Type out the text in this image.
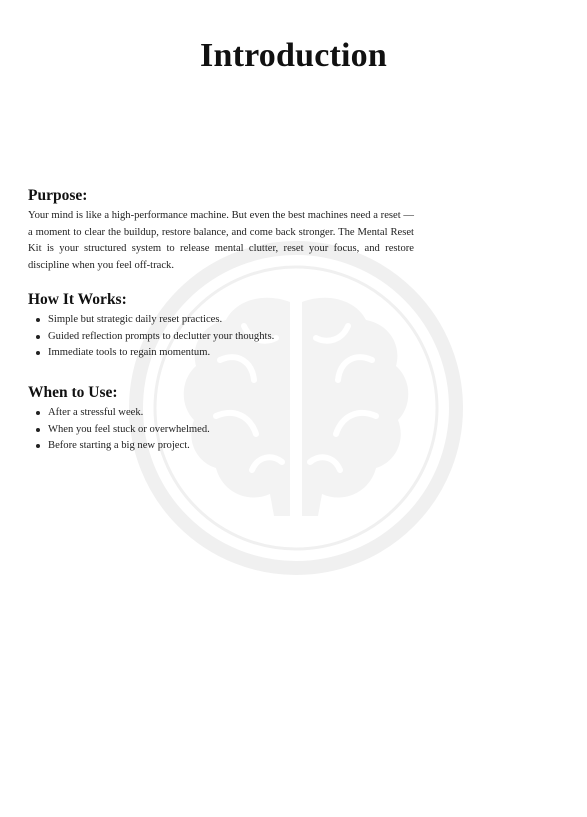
Introduction
Purpose:

Your mind is like a high-performance machine. But even the best machines need a reset — a moment to clear the buildup, restore balance, and come back stronger. The Mental Reset Kit is your structured system to release mental clutter, reset your focus, and restore discipline when you feel off-track.

How It Works:
Simple but strategic daily reset practices.
Guided reflection prompts to declutter your thoughts.
Immediate tools to regain momentum.
When to Use:
After a stressful week.
When you feel stuck or overwhelmed.
Before starting a big new project.
